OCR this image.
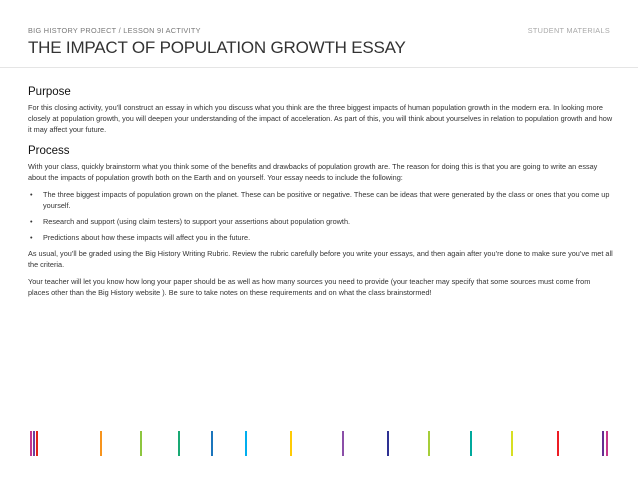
BIG HISTORY PROJECT / LESSON 9I ACTIVITY	STUDENT MATERIALS
THE IMPACT OF POPULATION GROWTH ESSAY
Purpose

For this closing activity, you’ll construct an essay in which you discuss what you think are the three biggest impacts of human population growth in the modern era. In looking more closely at population growth, you will deepen your understanding of the impact of acceleration. As part of this, you will think about yourselves in relation to population growth and how it may affect your future.

Process

With your class, quickly brainstorm what you think some of the benefits and drawbacks of population growth are. The reason for doing this is that you are going to write an essay about the impacts of population growth both on the Earth and on yourself. Your essay needs to include the following:

• The three biggest impacts of population grown on the planet. These can be positive or negative. These can be ideas that were generated by the class or ones that you come up yourself.
• Research and support (using claim testers) to support your assertions about population growth.
• Predictions about how these impacts will affect you in the future.

As usual, you’ll be graded using the Big History Writing Rubric. Review the rubric carefully before you write your essays, and then again after you’re done to make sure you’ve met all the criteria.

Your teacher will let you know how long your paper should be as well as how many sources you need to provide (your teacher may specify that some sources must come from places other than the Big History website ). Be sure to take notes on these requirements and on what the class brainstormed!
